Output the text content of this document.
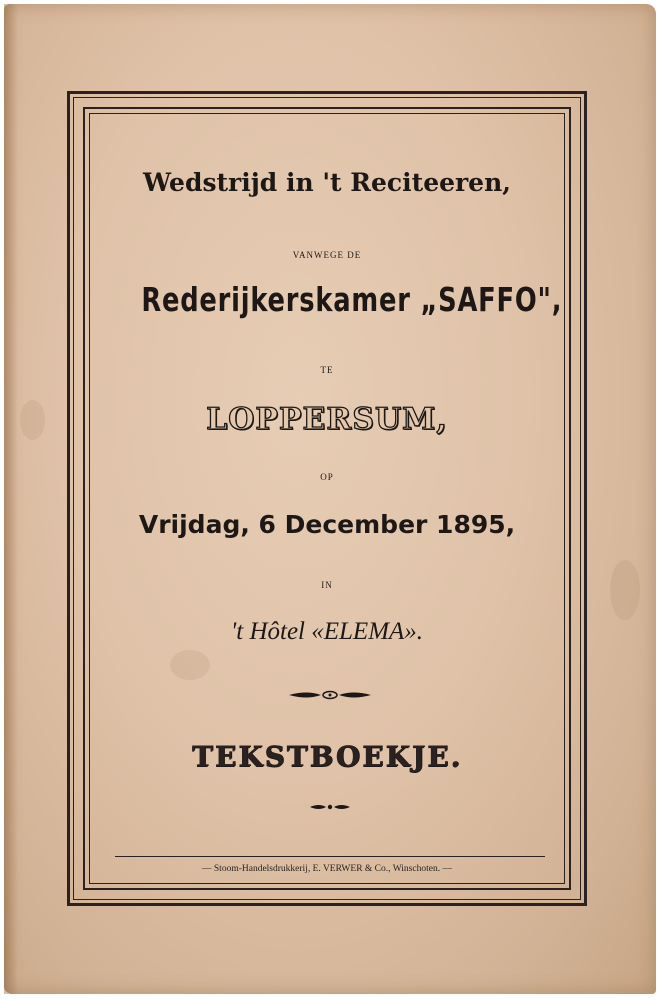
Wedstrijd in 't Reciteeren,
VANWEGE DE
Rederijkerskamer „SAFFO",
TE
LOPPERSUM,
OP
Vrijdag, 6 December 1895,
IN
't Hôtel «ELEMA».
TEKSTBOEKJE.
— Stoom-Handelsdrukkerij, E. VERWER & Co., Winschoten. —
